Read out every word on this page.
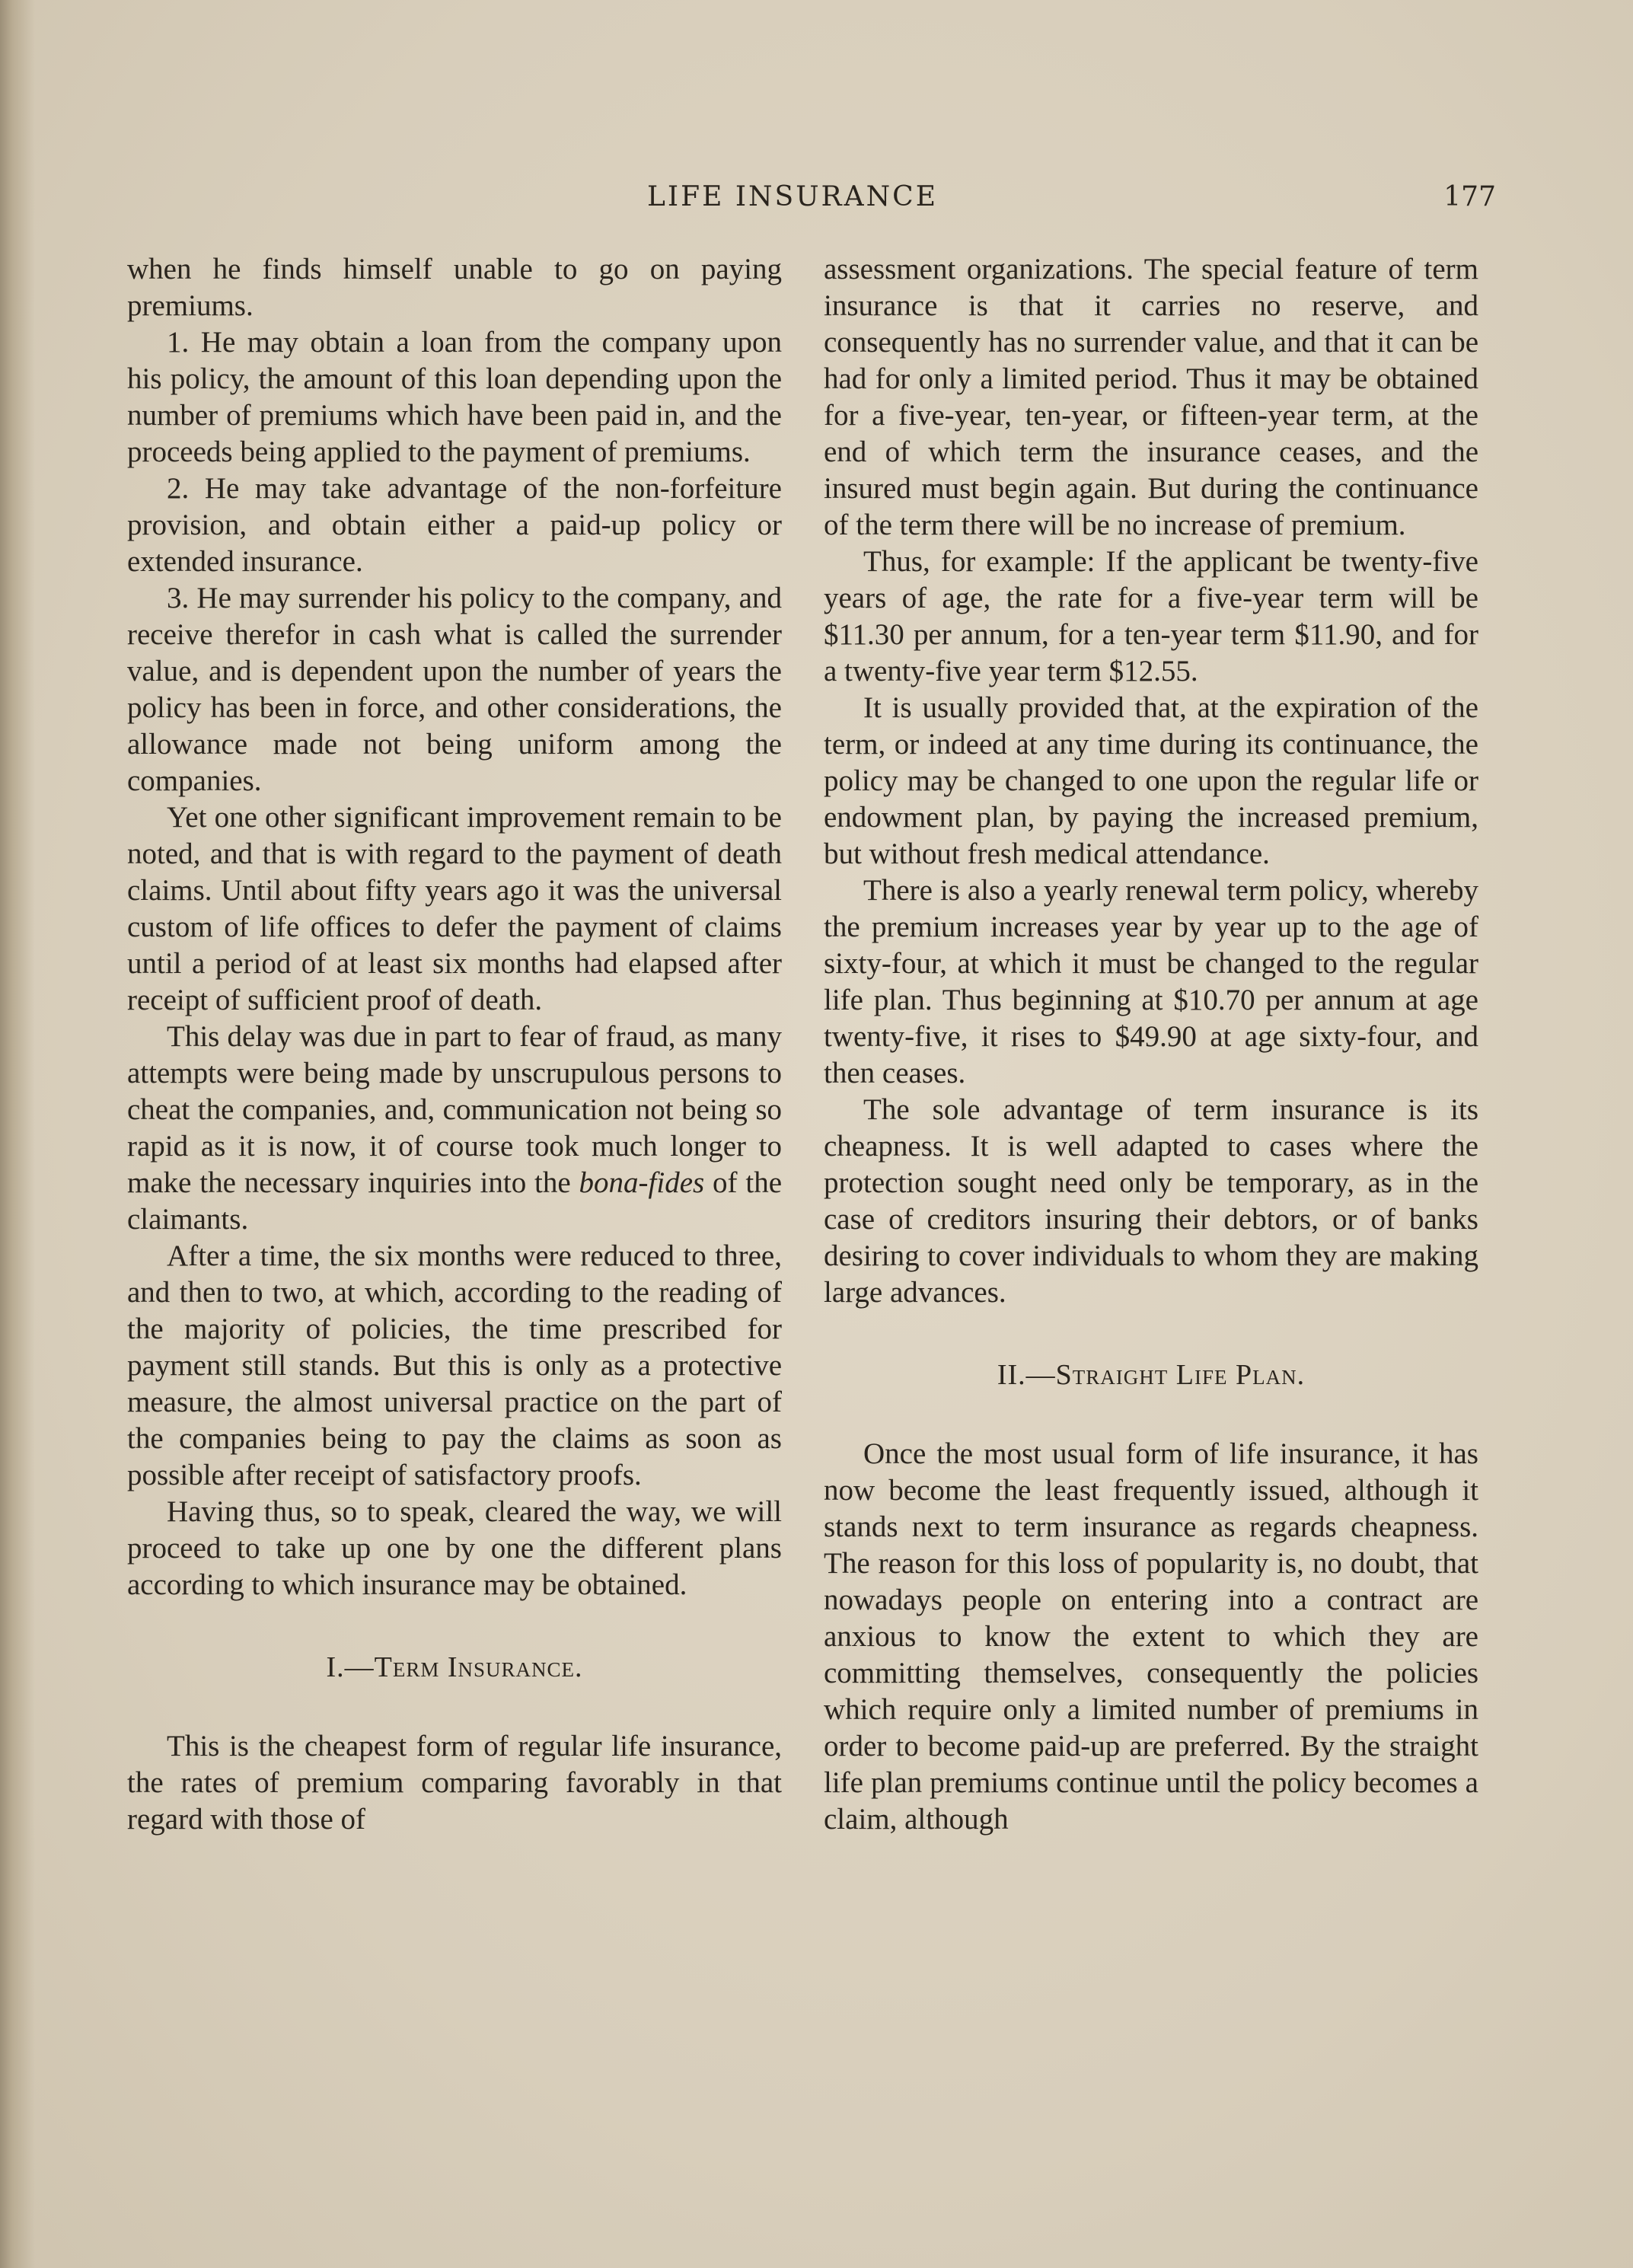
LIFE INSURANCE	177

when he finds himself unable to go on paying premiums.

1. He may obtain a loan from the company upon his policy, the amount of this loan depending upon the number of premiums which have been paid in, and the proceeds being applied to the payment of premiums.

2. He may take advantage of the non-forfeiture provision, and obtain either a paid-up policy or extended insurance.

3. He may surrender his policy to the company, and receive therefor in cash what is called the surrender value, and is dependent upon the number of years the policy has been in force, and other considerations, the allowance made not being uniform among the companies.

Yet one other significant improvement remain to be noted, and that is with regard to the payment of death claims. Until about fifty years ago it was the universal custom of life offices to defer the payment of claims until a period of at least six months had elapsed after receipt of sufficient proof of death.

This delay was due in part to fear of fraud, as many attempts were being made by unscrupulous persons to cheat the companies, and, communication not being so rapid as it is now, it of course took much longer to make the necessary inquiries into the bona-fides of the claimants.

After a time, the six months were reduced to three, and then to two, at which, according to the reading of the majority of policies, the time prescribed for payment still stands. But this is only as a protective measure, the almost universal practice on the part of the companies being to pay the claims as soon as possible after receipt of satisfactory proofs.

Having thus, so to speak, cleared the way, we will proceed to take up one by one the different plans according to which insurance may be obtained.

I.—Term Insurance.

This is the cheapest form of regular life insurance, the rates of premium comparing favorably in that regard with those of

assessment organizations. The special feature of term insurance is that it carries no reserve, and consequently has no surrender value, and that it can be had for only a limited period. Thus it may be obtained for a five-year, ten-year, or fifteen-year term, at the end of which term the insurance ceases, and the insured must begin again. But during the continuance of the term there will be no increase of premium.

Thus, for example: If the applicant be twenty-five years of age, the rate for a five-year term will be $11.30 per annum, for a ten-year term $11.90, and for a twenty-five year term $12.55.

It is usually provided that, at the expiration of the term, or indeed at any time during its continuance, the policy may be changed to one upon the regular life or endowment plan, by paying the increased premium, but without fresh medical attendance.

There is also a yearly renewal term policy, whereby the premium increases year by year up to the age of sixty-four, at which it must be changed to the regular life plan. Thus beginning at $10.70 per annum at age twenty-five, it rises to $49.90 at age sixty-four, and then ceases.

The sole advantage of term insurance is its cheapness. It is well adapted to cases where the protection sought need only be temporary, as in the case of creditors insuring their debtors, or of banks desiring to cover individuals to whom they are making large advances.

II.—Straight Life Plan.

Once the most usual form of life insurance, it has now become the least frequently issued, although it stands next to term insurance as regards cheapness. The reason for this loss of popularity is, no doubt, that nowadays people on entering into a contract are anxious to know the extent to which they are committing themselves, consequently the policies which require only a limited number of premiums in order to become paid-up are preferred. By the straight life plan premiums continue until the policy becomes a claim, although
